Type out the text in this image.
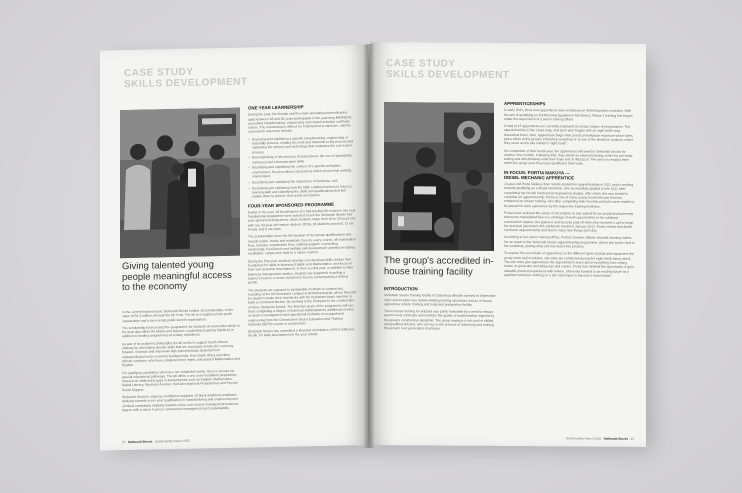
CASE STUDY
SKILLS DEVELOPMENT
Giving talented young people meaningful access to the economy

In the current financial year, Stefanutti Stocks funded 18 scholarships, to the value of R1,5 million, through the MI Trust. The MI is a registered non-profit organisation and a tax-exempt public benefit organisation.

The scholarship fund created the programme for students at universities which is the trust also offers the Maths and Science Leadership Academy (MaSLA) in addition to funding programmes at tertiary institutions.

As part of its academic philosophy the MI seeks to support South African industry by developing specific skills that are necessary to take the economy forward. It selects and interviews high potential black students from underprivileged socio-economic backgrounds, from South Africa and other African countries, who have completed their matric and passed Mathematics and English.

For qualifying candidates who have not completed matric, there is access via special educational pathways. The MI offers a one year foundation programme focused on addressing gaps in fundamentals such as English, Mathematics, Digital Literacy, Business Acumen, Self-Development Programmes and Psycho-Social Support.

Stefanutti Stocks's ongoing contribution supports 10 black disabled candidates studying towards a one year qualification in manufacturing and engineering and 18 black candidates studying towards a four year project management business degree with a minor in green construction management and sustainability.

ONE YEAR LEARNERSHIP

During the year, five female and five male unemployed beneficiaries, aged between 18 and 30 years participated in the year-long MERSETA accredited manufacturing, engineering and related activities certificate course. The learnership is offered for Training that is intensive, and the coursework outcomes include:

– Executing and explaining a specific manufacturing, engineering or assembly process, relating the tools and materials to the process and explaining the science and technology that underpins the conversion process.
– Demonstrating, in the process of assessment, the use of appropriate numeracy and communication skills.
– Describing and explaining the context of a specific workplace environment, the procedures and policies which ensure that working environment.
– Describing and explaining the importance of business, and
– Describing and explaining how the NQF enables learners to select a learning path and classifying the skills and qualifications that will enable them to achieve their goals and targets.
FOUR-YEAR SPONSORED PROGRAMME

Earlier in the year, 18 beneficiaries of a fast-tracked the trustee's one year foundational programme were selected to join the Stefanutti Stocks four year sponsored programme. Most students range from 20 to 29 years old, with one 43-year-old mature student. Of the 18 students selected, 12 are female and 6 are male.

The scholarships cover the full duration of the bursar qualifications and include tuition, books and materials, fees for every course, all examination fees, tutorials, examination fees, clothing support, counselling, mentorship, food (lunch and multiple self-development activities including meditation, camps and visits to a nature reserve.

During the first year, students develop core business skills, further their foundation for skills in business English and Mathematics, and focus on their own personal development. In their second year, in addition to their business management studies, students are supported in getting a learner's licence, a motor, full driver's licence and preparing a driving permit.

The students are exposed to sustainable methods in construction, including at the MI Damnam's campus in Bronkhorstspruit, where they will be taught to make their own bricks with the hydraform block machine to build a communal kitchen. By working in the brickyard in the construction of those Stefanutti Stocks. The final two years of the programme will see them completing a degree in Business Administration; additional courses on project management and operational methods on occupational engineering from the Construction Sector Education and Training Authority (SETA) course in construction.

Stefanutti Stocks has committed a financial contribution of R2.5 million to the MI, for skills development in the year ahead.

22 Stefanutti Stocks Sustainability Report 2022
CASE STUDY
SKILLS DEVELOPMENT
The group's accredited in-house training facility
INTRODUCTION

Stefanutti Stocks' training facility in Chloorkop officially opened in September 2014 and includes two mobile welding training simulators and an in-house apprentice/ artisan training and trade test preparation facility.

The in-house training for artisans was partly motivated by a need to ensure service level continuity and maintain the quality of workmanship required by the group's construction discipline. The group employs a rich pool of skilled and qualified artisans, who are key to the process of mentoring and training the group's next generation of artisans.

APPRENTICESHIPS

In early 2022, three new apprentices were employed on limited duration contracts. With the aim of qualifying as Earthmoving Equipment Mechanics. Phase 1 training has begun under the supervision of a senior training officer.

A total of 15 apprentices are currently employed at various stages of programmes. The apprenticeship is four years long, and each year begins with an eight week long theoretical block, then, apprentices begin their practical workplace exposure which takes place either at the group's Chloorkop workshop or at one of the divisions' projects, where they serve as the site mentor's "right hand".

On completion of their fourth year, the apprentices will seek for Stefanutti Stocks for another nine months. Following that, they attend an external training centre for pre-trade testing and will ultimately write their trade test at INDLELA. The aim is to employ them within the group once they have qualified in their trade.

IN FOCUS: PORTIA MAKUYA —
DIESEL MECHANIC APPRENTICE

24-year-old Portia Makuya from Venda started her apprenticeship in 2021 and is working towards qualifying as a diesel mechanic. She successfully applied in late 2021 after completing her N3-N6 mechanical engineering studies, after which she was invited to complete an apprenticeship. Portia is one of many young South Africans that has embarked on artisan training, who after completing their theoretical blocks were unable to be placed for work experience by the respective training institutes.

Portia never endured the stress of uncertainty as she waited for her practical placements that never materialised due to a shortage of work opportunities in the subdued construction market. Her patience and tenacity paid off when she received a call to begin her practical placement with Stefanutti Stocks in January 2022. Portia relates that diesel mechanic apprenticeship and learns many new things each day.

According to her senior training officer, Portia's positive attitude towards learning makes her an asset to the Stefanutti Stocks apprenticeship programme, where she works hard in the workshop, putting what she has learnt into practice.

To expose the next intake of apprentices to the different types of plant and equipment the group owns and maintains, site visits are conducted during the eight week theory block. The site visits give apprentices the opportunity to learn about everything from mining trucks, to generator and piling rigs and cranes. Portia has relished the opportunity to gain valuable practical experience with writers. She looks forward to an exciting future as a qualified mechanic working on a site and hopes to become a team leader.

Sustainability Report 2022 Stefanutti Stocks 23
